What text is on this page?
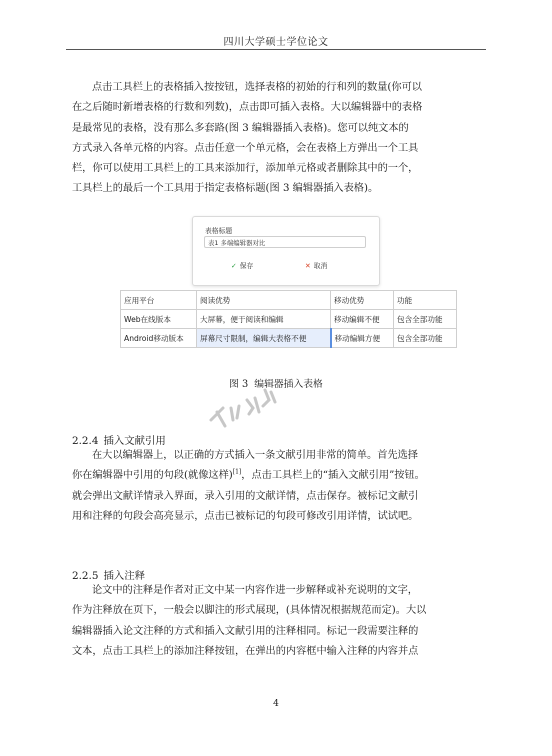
四川大学硕士学位论文
点击工具栏上的表格插入按按钮，选择表格的初始的行和列的数量(你可以
在之后随时新增表格的行数和列数)，点击即可插入表格。大以编辑器中的表格
是最常见的表格，没有那么多套路(图 3 编辑器插入表格)。您可以纯文本的
方式录入各单元格的内容。点击任意一个单元格，会在表格上方弹出一个工具
栏，你可以使用工具栏上的工具来添加行，添加单元格或者删除其中的一个，
工具栏上的最后一个工具用于指定表格标题(图 3 编辑器插入表格)。
表格标题
表1 多端编辑器对比
✓ 保存	✕ 取消
应用平台	阅读优势	移动优势	功能
Web在线版本	大屏幕，便于阅读和编辑	移动编辑不便	包含全部功能
Android移动版本	屏幕尺寸限制，编辑大表格不便	移动编辑方便	包含全部功能
图 3 编辑器插入表格
2.2.4 插入文献引用
在大以编辑器上，以正确的方式插入一条文献引用非常的简单。首先选择
你在编辑器中引用的句段(就像这样)[1]，点击工具栏上的“插入文献引用”按钮。
就会弹出文献详情录入界面，录入引用的文献详情，点击保存。被标记文献引
用和注释的句段会高亮显示，点击已被标记的句段可修改引用详情，试试吧。
2.2.5 插入注释
论文中的注释是作者对正文中某一内容作进一步解释或补充说明的文字，
作为注释放在页下，一般会以脚注的形式展现，(具体情况根据规范而定)。大以
编辑器插入论文注释的方式和插入文献引用的注释相同。标记一段需要注释的
文本，点击工具栏上的添加注释按钮，在弹出的内容框中输入注释的内容并点
4
